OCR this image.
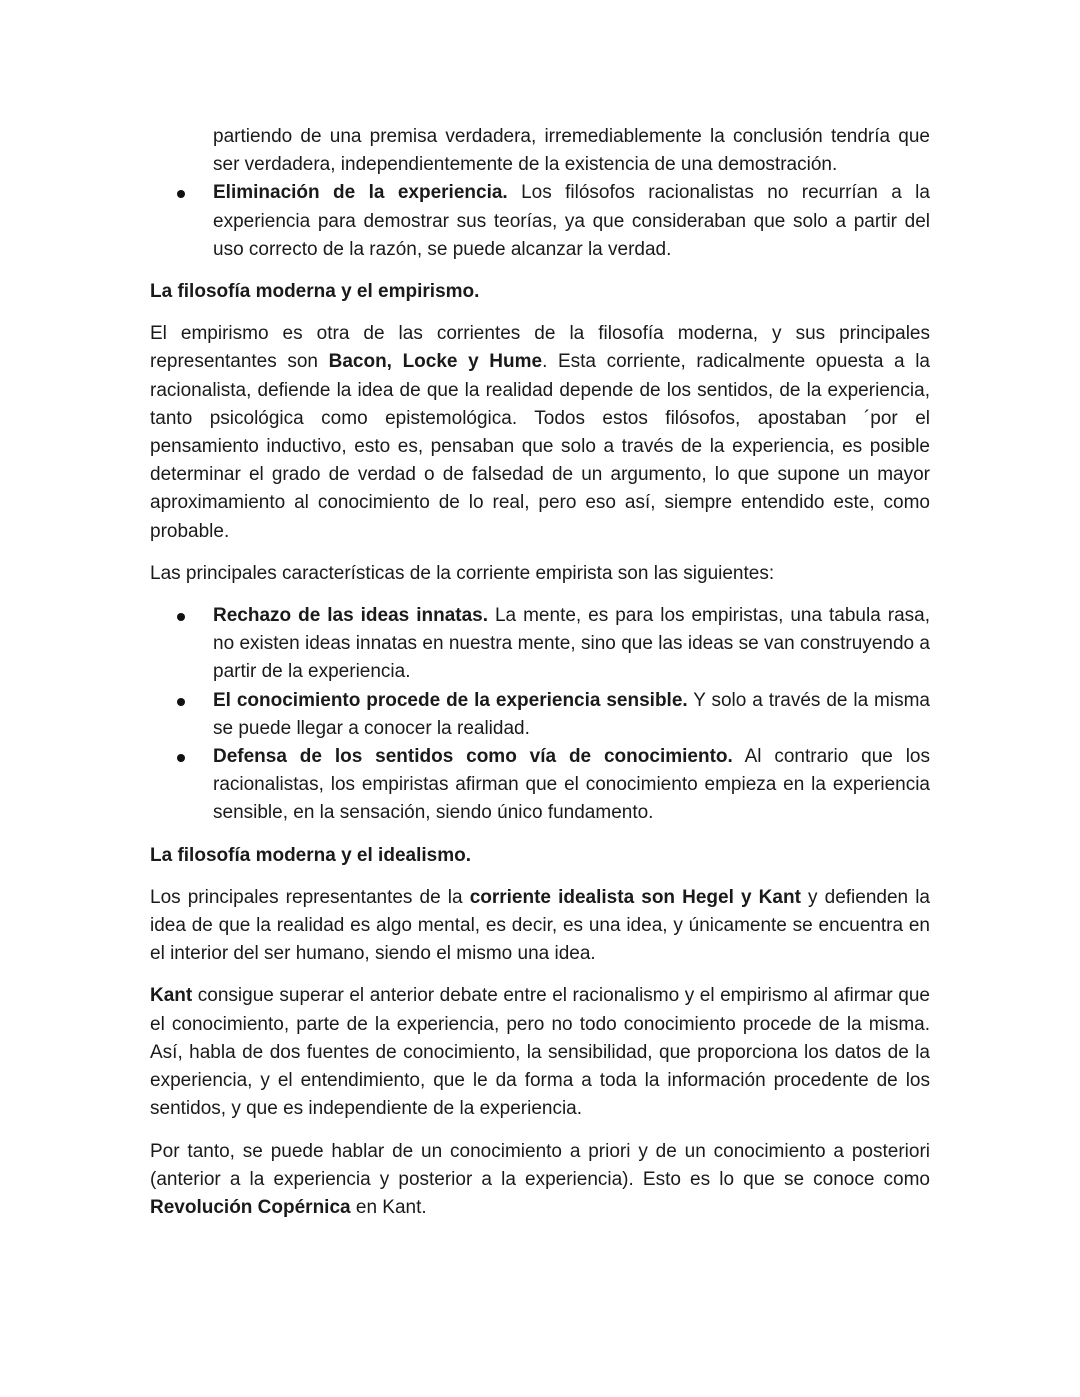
partiendo de una premisa verdadera, irremediablemente la conclusión tendría que ser verdadera, independientemente de la existencia de una demostración.
Eliminación de la experiencia. Los filósofos racionalistas no recurrían a la experiencia para demostrar sus teorías, ya que consideraban que solo a partir del uso correcto de la razón, se puede alcanzar la verdad.

La filosofía moderna y el empirismo.

El empirismo es otra de las corrientes de la filosofía moderna, y sus principales representantes son Bacon, Locke y Hume. Esta corriente, radicalmente opuesta a la racionalista, defiende la idea de que la realidad depende de los sentidos, de la experiencia, tanto psicológica como epistemológica. Todos estos filósofos, apostaban ´por el pensamiento inductivo, esto es, pensaban que solo a través de la experiencia, es posible determinar el grado de verdad o de falsedad de un argumento, lo que supone un mayor aproximamiento al conocimiento de lo real, pero eso así, siempre entendido este, como probable.

Las principales características de la corriente empirista son las siguientes:

Rechazo de las ideas innatas. La mente, es para los empiristas, una tabula rasa, no existen ideas innatas en nuestra mente, sino que las ideas se van construyendo a partir de la experiencia.
El conocimiento procede de la experiencia sensible. Y solo a través de la misma se puede llegar a conocer la realidad.
Defensa de los sentidos como vía de conocimiento. Al contrario que los racionalistas, los empiristas afirman que el conocimiento empieza en la experiencia sensible, en la sensación, siendo único fundamento.

La filosofía moderna y el idealismo.

Los principales representantes de la corriente idealista son Hegel y Kant y defienden la idea de que la realidad es algo mental, es decir, es una idea, y únicamente se encuentra en el interior del ser humano, siendo el mismo una idea.

Kant consigue superar el anterior debate entre el racionalismo y el empirismo al afirmar que el conocimiento, parte de la experiencia, pero no todo conocimiento procede de la misma. Así, habla de dos fuentes de conocimiento, la sensibilidad, que proporciona los datos de la experiencia, y el entendimiento, que le da forma a toda la información procedente de los sentidos, y que es independiente de la experiencia.

Por tanto, se puede hablar de un conocimiento a priori y de un conocimiento a posteriori (anterior a la experiencia y posterior a la experiencia). Esto es lo que se conoce como Revolución Copérnica en Kant.
